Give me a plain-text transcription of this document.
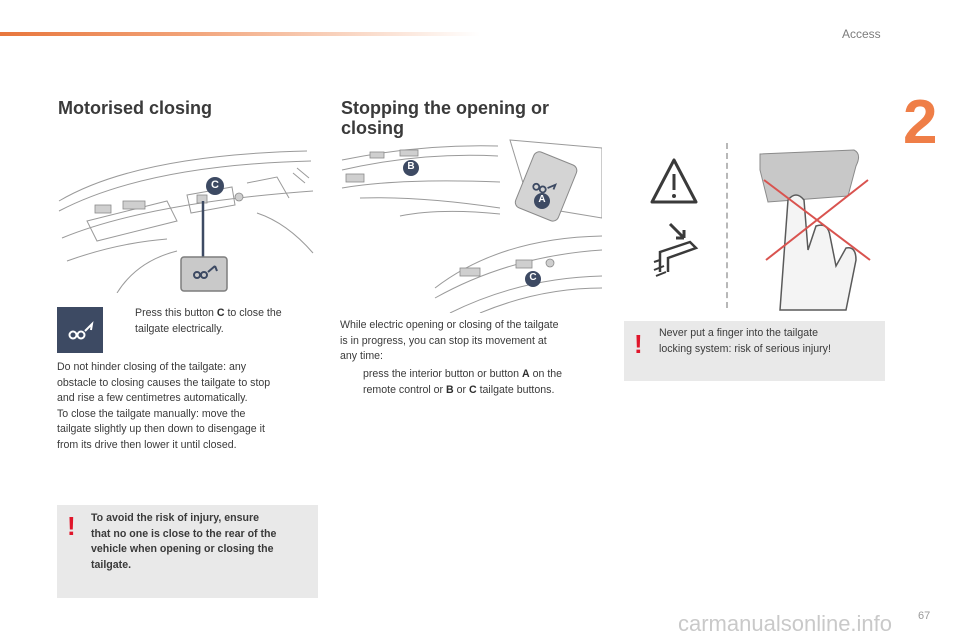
Access
2
Motorised closing
C
Press this button C to close the tailgate electrically.
Do not hinder closing of the tailgate: any
obstacle to closing causes the tailgate to stop
and rise a few centimetres automatically.
To close the tailgate manually: move the
tailgate slightly up then down to disengage it
from its drive then lower it until closed.
! To avoid the risk of injury, ensure
that no one is close to the rear of the
vehicle when opening or closing the
tailgate.
Stopping the opening or
closing
B
A
C
While electric opening or closing of the tailgate
is in progress, you can stop its movement at
any time:
press the interior button or button A on the
remote control or B or C tailgate buttons.
! Never put a finger into the tailgate
locking system: risk of serious injury!
carmanualsonline.info 67
